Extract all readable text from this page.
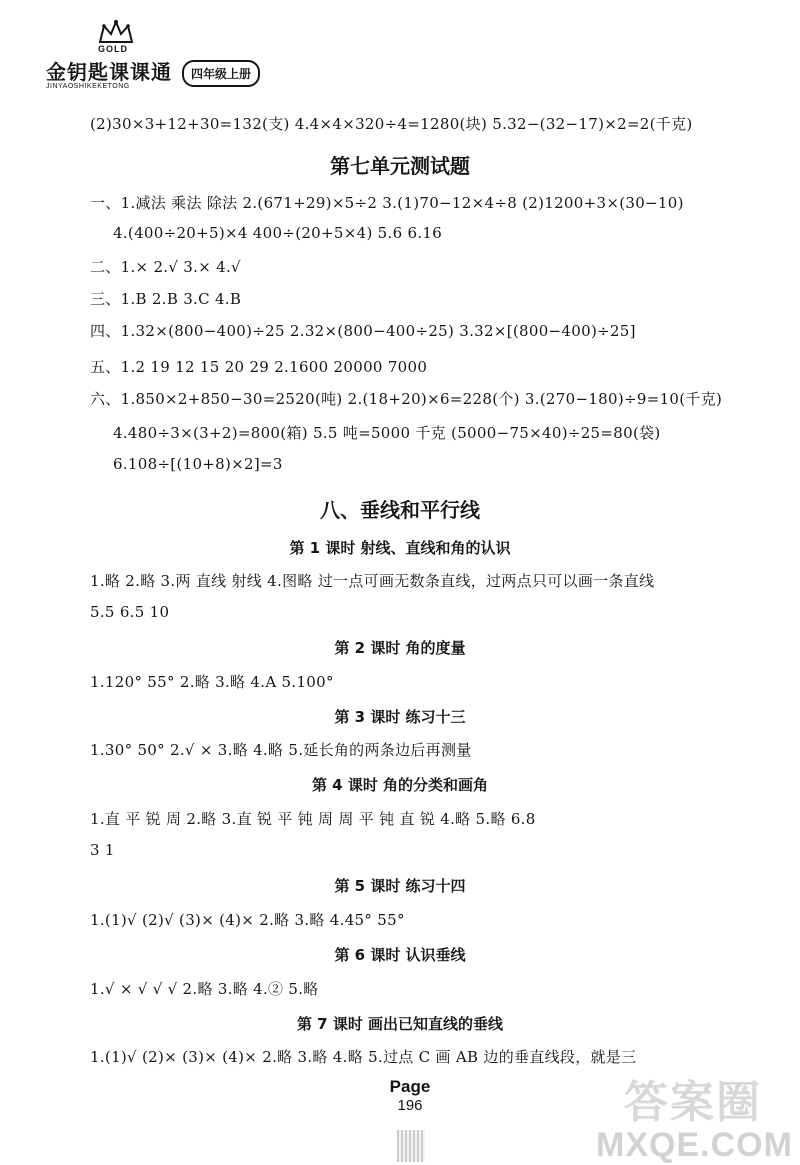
GOLD
金钥匙课课通
JINYAOSHIKEKETONG
四年级上册
(2)30×3+12+30=132(支) 4.4×4×320÷4=1280(块) 5.32−(32−17)×2=2(千克)
第七单元测试题
一、1.减法 乘法 除法 2.(671+29)×5÷2 3.(1)70−12×4÷8 (2)1200+3×(30−10)
4.(400÷20+5)×4 400÷(20+5×4) 5.6 6.16
二、1.× 2.√ 3.× 4.√
三、1.B 2.B 3.C 4.B
四、1.32×(800−400)÷25 2.32×(800−400÷25) 3.32×[(800−400)÷25]
五、1.2 19 12 15 20 29 2.1600 20000 7000
六、1.850×2+850−30=2520(吨) 2.(18+20)×6=228(个) 3.(270−180)÷9=10(千克)
4.480÷3×(3+2)=800(箱) 5.5 吨=5000 千克 (5000−75×40)÷25=80(袋)
6.108÷[(10+8)×2]=3
八、垂线和平行线
第 1 课时 射线、直线和角的认识
1.略 2.略 3.两 直线 射线 4.图略 过一点可画无数条直线，过两点只可以画一条直线
5.5 6.5 10
第 2 课时 角的度量
1.120° 55° 2.略 3.略 4.A 5.100°
第 3 课时 练习十三
1.30° 50° 2.√ × 3.略 4.略 5.延长角的两条边后再测量
第 4 课时 角的分类和画角
1.直 平 锐 周 2.略 3.直 锐 平 钝 周 周 平 钝 直 锐 4.略 5.略 6.8
3 1
第 5 课时 练习十四
1.(1)√ (2)√ (3)× (4)× 2.略 3.略 4.45° 55°
第 6 课时 认识垂线
1.√ × √ √ √ 2.略 3.略 4.② 5.略
第 7 课时 画出已知直线的垂线
1.(1)√ (2)× (3)× (4)× 2.略 3.略 4.略 5.过点 C 画 AB 边的垂直线段，就是三
Page
196	答案圈
MXQE.COM
